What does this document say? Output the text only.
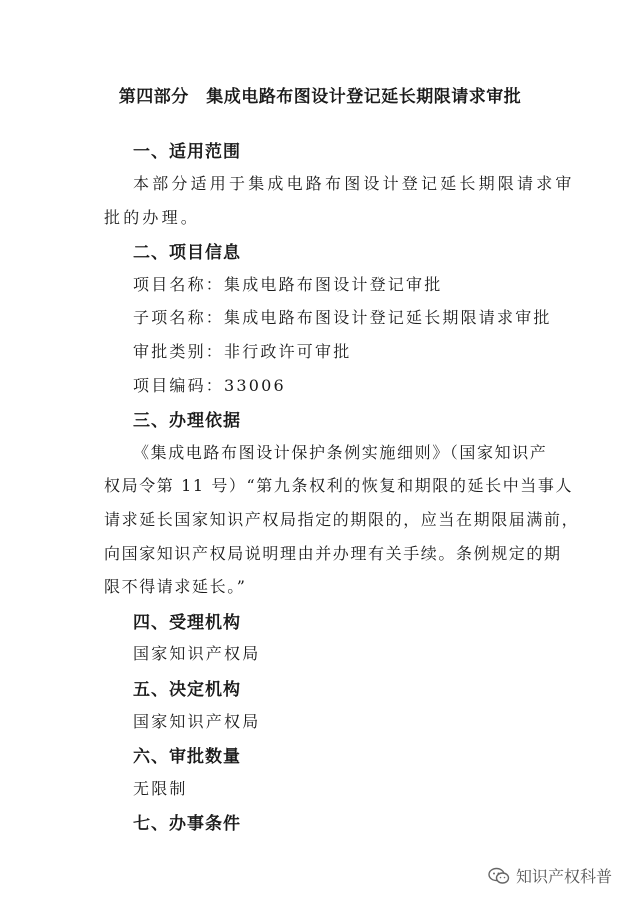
第四部分　集成电路布图设计登记延长期限请求审批
一、适用范围
本部分适用于集成电路布图设计登记延长期限请求审
批的办理。
二、项目信息
项目名称：集成电路布图设计登记审批
子项名称：集成电路布图设计登记延长期限请求审批
审批类别：非行政许可审批
项目编码：33006
三、办理依据
《集成电路布图设计保护条例实施细则》（国家知识产
权局令第 11 号）“第九条权利的恢复和期限的延长中当事人
请求延长国家知识产权局指定的期限的，应当在期限届满前，
向国家知识产权局说明理由并办理有关手续。条例规定的期
限不得请求延长。”
四、受理机构
国家知识产权局
五、决定机构
国家知识产权局
六、审批数量
无限制
七、办事条件
知识产权科普
